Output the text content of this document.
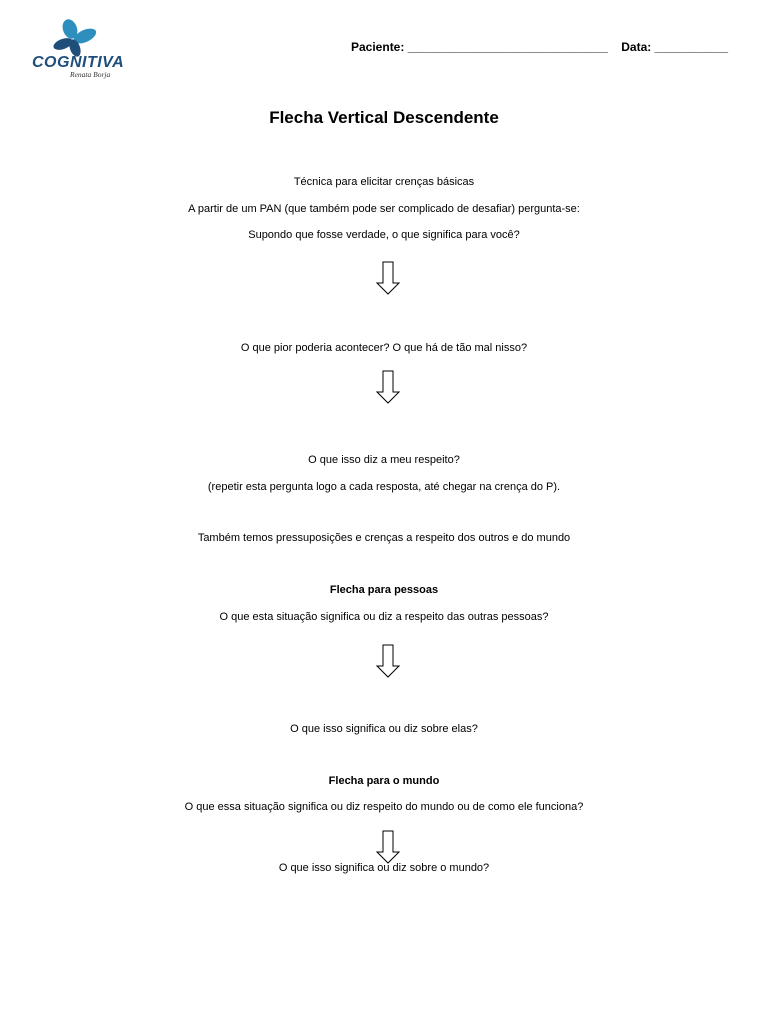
COGNITIVA
Renata Borja
Paciente: ______________________________ Data: ___________
Flecha Vertical Descendente
Técnica para elicitar crenças básicas
A partir de um PAN (que também pode ser complicado de desafiar) pergunta-se:
Supondo que fosse verdade, o que significa para você?
O que pior poderia acontecer? O que há de tão mal nisso?
O que isso diz a meu respeito?
(repetir esta pergunta logo a cada resposta, até chegar na crença do P).
Também temos pressuposições e crenças a respeito dos outros e do mundo
Flecha para pessoas
O que esta situação significa ou diz a respeito das outras pessoas?
O que isso significa ou diz sobre elas?
Flecha para o mundo
O que essa situação significa ou diz respeito do mundo ou de como ele funciona?
O que isso significa ou diz sobre o mundo?
